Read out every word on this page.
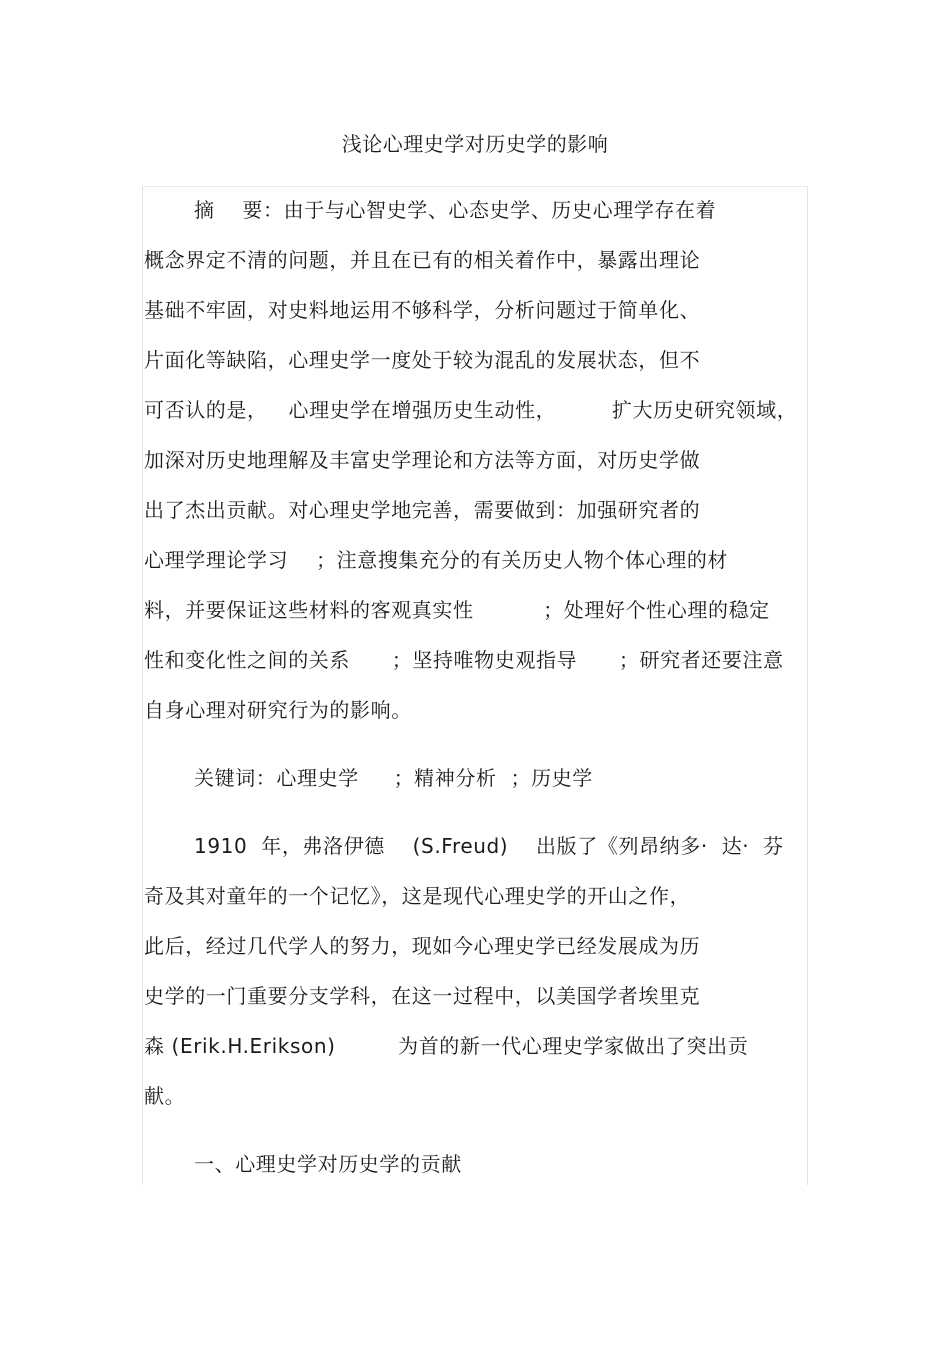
浅论心理史学对历史学的影响
摘    要：由于与心智史学、心态史学、历史心理学存在着
概念界定不清的问题，并且在已有的相关着作中，暴露出理论
基础不牢固，对史料地运用不够科学，分析问题过于简单化、
片面化等缺陷，心理史学一度处于较为混乱的发展状态，但不
可否认的是，   心理史学在增强历史生动性，        扩大历史研究领域，
加深对历史地理解及丰富史学理论和方法等方面，对历史学做
出了杰出贡献。对心理史学地完善，需要做到：加强研究者的
心理学理论学习    ；注意搜集充分的有关历史人物个体心理的材
料，并要保证这些材料的客观真实性          ；处理好个性心理的稳定
性和变化性之间的关系      ；坚持唯物史观指导      ；研究者还要注意
自身心理对研究行为的影响。
关键词：心理史学     ；精神分析  ；历史学
1910  年，弗洛伊德    (S.Freud)    出版了《列昂纳多·  达·  芬
奇及其对童年的一个记忆》，这是现代心理史学的开山之作，
此后，经过几代学人的努力，现如今心理史学已经发展成为历
史学的一门重要分支学科，在这一过程中，以美国学者埃里克
森 (Erik.H.Erikson)         为首的新一代心理史学家做出了突出贡
献。
一、心理史学对历史学的贡献
